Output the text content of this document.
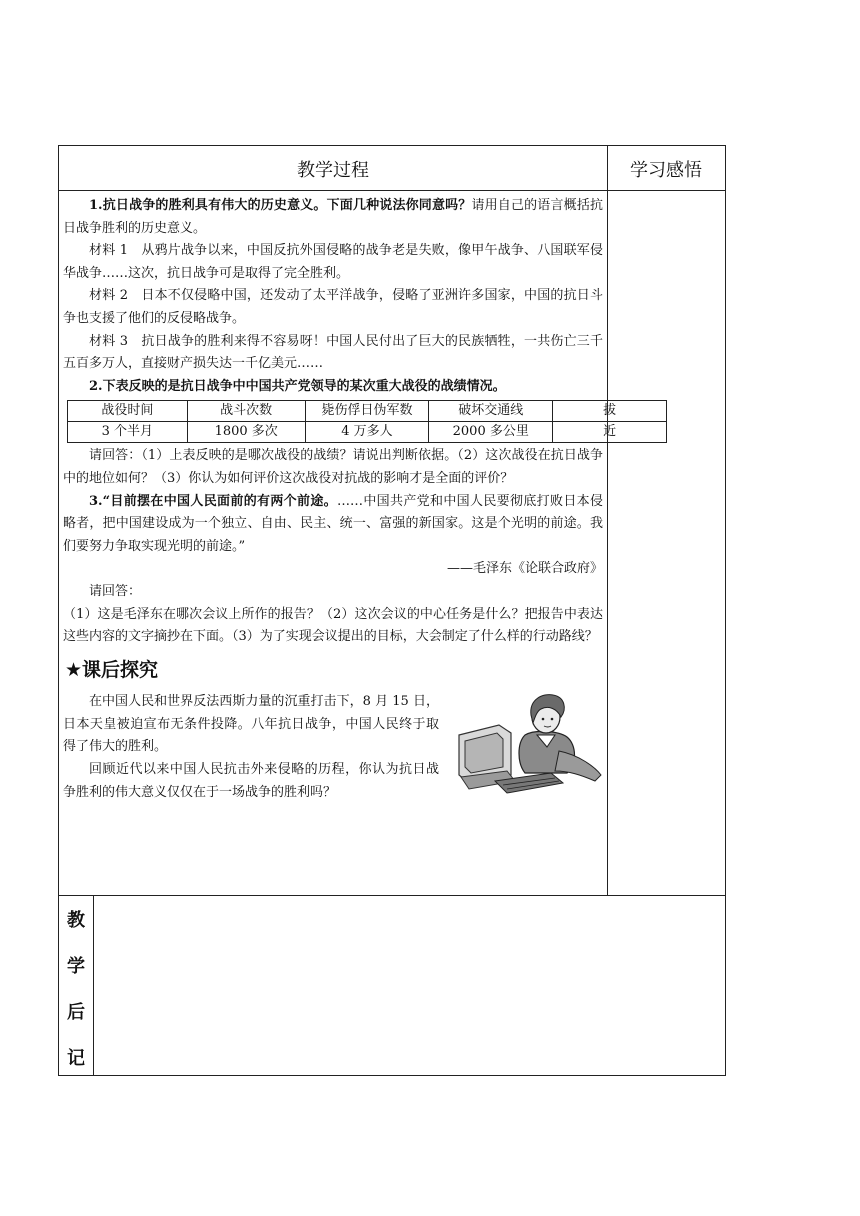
教学过程	学习感悟

1.抗日战争的胜利具有伟大的历史意义。下面几种说法你同意吗？请用自己的语言概括抗日战争胜利的历史意义。

材料 1　从鸦片战争以来，中国反抗外国侵略的战争老是失败，像甲午战争、八国联军侵华战争……这次，抗日战争可是取得了完全胜利。

材料 2　日本不仅侵略中国，还发动了太平洋战争，侵略了亚洲许多国家，中国的抗日斗争也支援了他们的反侵略战争。

材料 3　抗日战争的胜利来得不容易呀！中国人民付出了巨大的民族牺牲，一共伤亡三千五百多万人，直接财产损失达一千亿美元……

2.下表反映的是抗日战争中中国共产党领导的某次重大战役的战绩情况。

战役时间	战斗次数	毙伤俘日伪军数	破坏交通线	拔
3 个半月	1800 多次	4 万多人	2000 多公里	近

请回答：（1）上表反映的是哪次战役的战绩？请说出判断依据。（2）这次战役在抗日战争中的地位如何？（3）你认为如何评价这次战役对抗战的影响才是全面的评价？

3.“目前摆在中国人民面前的有两个前途。……中国共产党和中国人民要彻底打败日本侵略者，把中国建设成为一个独立、自由、民主、统一、富强的新国家。这是个光明的前途。我们要努力争取实现光明的前途。”

——毛泽东《论联合政府》

请回答：

（1）这是毛泽东在哪次会议上所作的报告？（2）这次会议的中心任务是什么？把报告中表达这些内容的文字摘抄在下面。（3）为了实现会议提出的目标，大会制定了什么样的行动路线？

★课后探究

在中国人民和世界反法西斯力量的沉重打击下，8 月 15 日，日本天皇被迫宣布无条件投降。八年抗日战争，中国人民终于取得了伟大的胜利。

回顾近代以来中国人民抗击外来侵略的历程，你认为抗日战争胜利的伟大意义仅仅在于一场战争的胜利吗？

教
学
后
记
